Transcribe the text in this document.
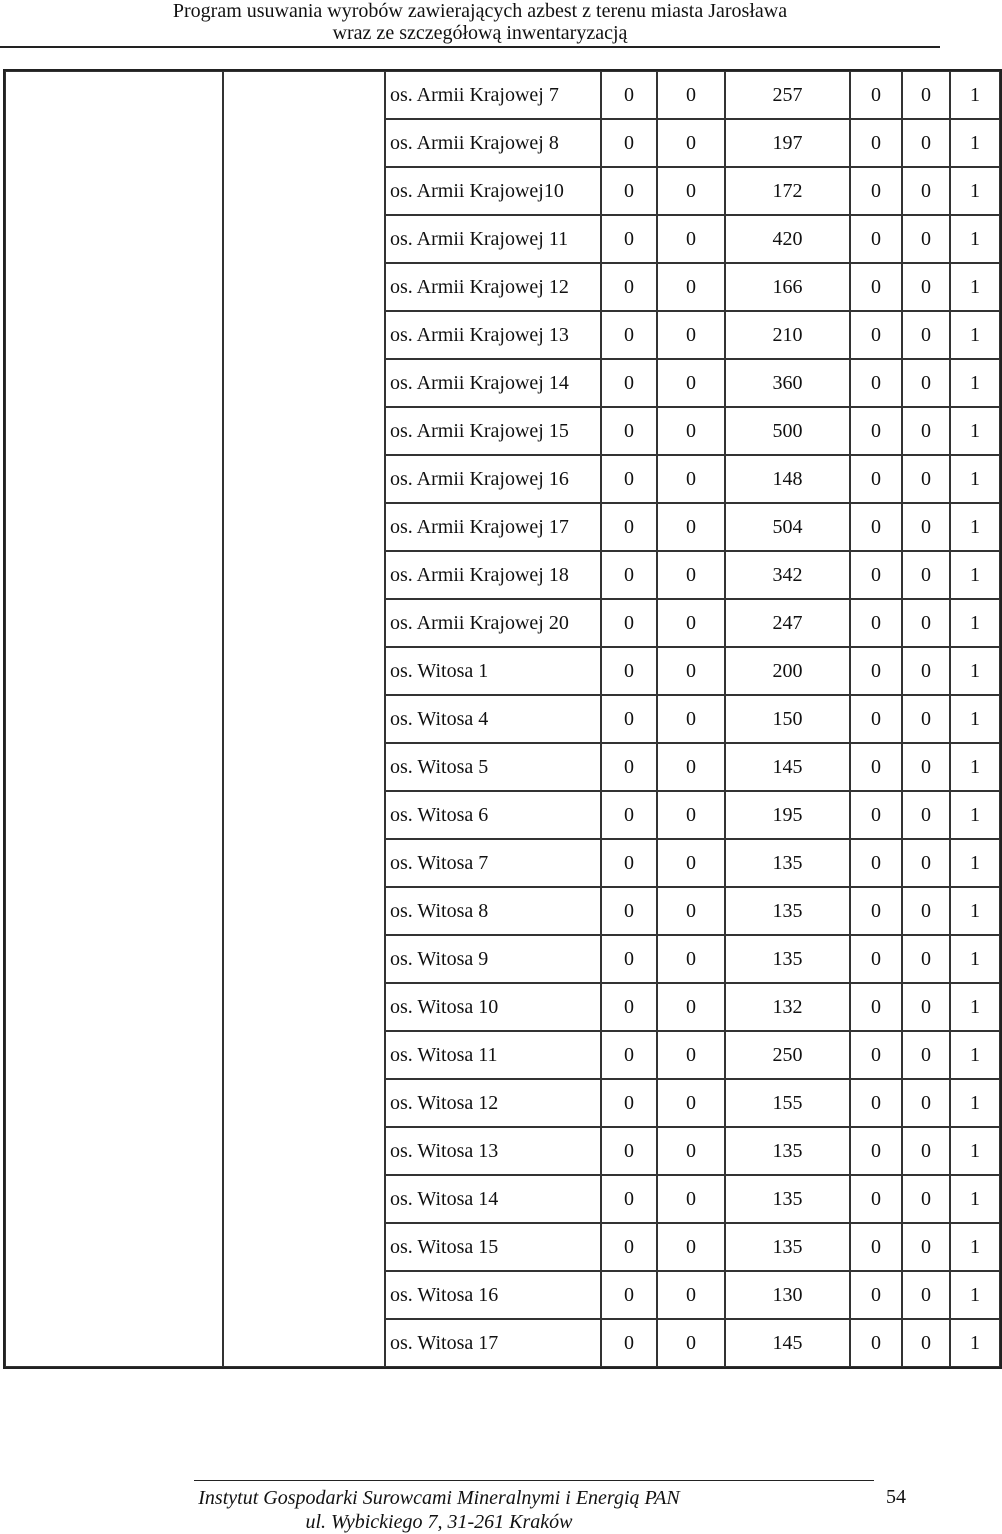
Program usuwania wyrobów zawierających azbest z terenu miasta Jarosława
wraz ze szczegółową inwentaryzacją
		os. Armii Krajowej 7	0	0	257	0	0	1
		os. Armii Krajowej 8	0	0	197	0	0	1
		os. Armii Krajowej10	0	0	172	0	0	1
		os. Armii Krajowej 11	0	0	420	0	0	1
		os. Armii Krajowej 12	0	0	166	0	0	1
		os. Armii Krajowej 13	0	0	210	0	0	1
		os. Armii Krajowej 14	0	0	360	0	0	1
		os. Armii Krajowej 15	0	0	500	0	0	1
		os. Armii Krajowej 16	0	0	148	0	0	1
		os. Armii Krajowej 17	0	0	504	0	0	1
		os. Armii Krajowej 18	0	0	342	0	0	1
		os. Armii Krajowej 20	0	0	247	0	0	1
		os. Witosa 1	0	0	200	0	0	1
		os. Witosa 4	0	0	150	0	0	1
		os. Witosa 5	0	0	145	0	0	1
		os. Witosa 6	0	0	195	0	0	1
		os. Witosa 7	0	0	135	0	0	1
		os. Witosa 8	0	0	135	0	0	1
		os. Witosa 9	0	0	135	0	0	1
		os. Witosa 10	0	0	132	0	0	1
		os. Witosa 11	0	0	250	0	0	1
		os. Witosa 12	0	0	155	0	0	1
		os. Witosa 13	0	0	135	0	0	1
		os. Witosa 14	0	0	135	0	0	1
		os. Witosa 15	0	0	135	0	0	1
		os. Witosa 16	0	0	130	0	0	1
		os. Witosa 17	0	0	145	0	0	1
Instytut Gospodarki Surowcami Mineralnymi i Energią PAN
ul. Wybickiego 7, 31-261 Kraków
54
